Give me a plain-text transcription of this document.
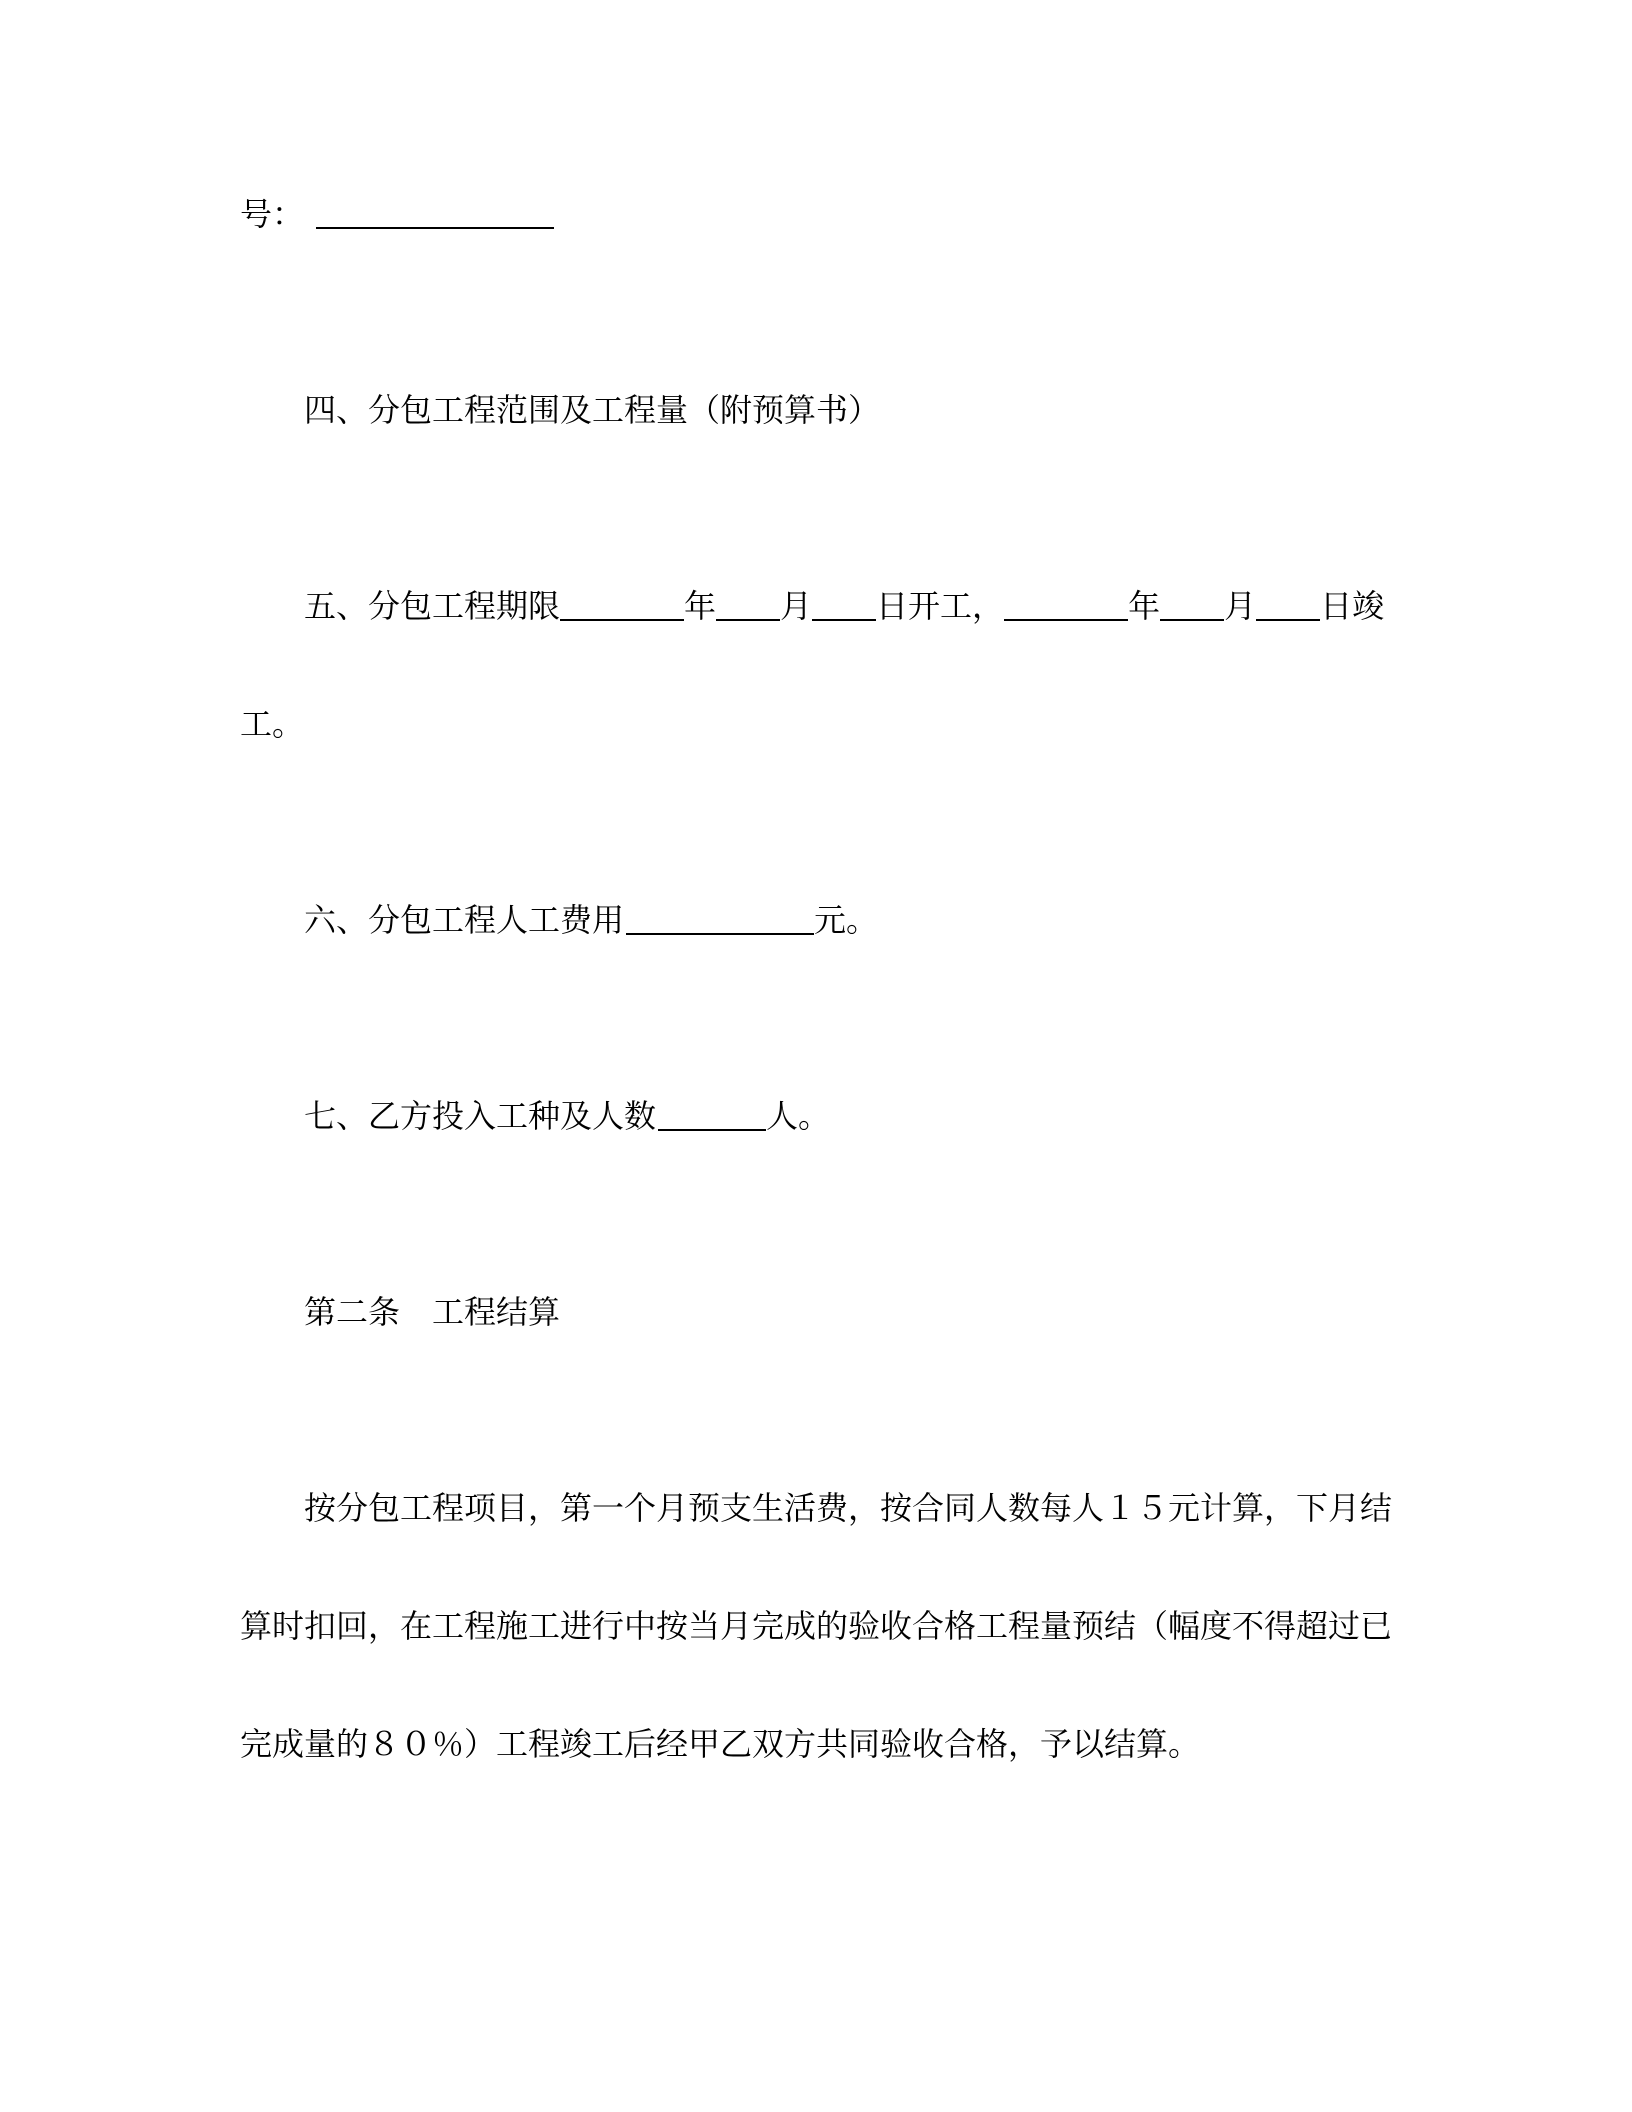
号：
四、分包工程范围及工程量（附预算书）
五、分包工程期限	年 月 日开工，	年 月 日竣
工。
六、分包工程人工费用	元。
七、乙方投入工种及人数	人。
第二条　工程结算
按分包工程项目，第一个月预支生活费，按合同人数每人１５元计算，下月结
算时扣回，在工程施工进行中按当月完成的验收合格工程量预结（幅度不得超过已
完成量的８０％）工程竣工后经甲乙双方共同验收合格，予以结算。
